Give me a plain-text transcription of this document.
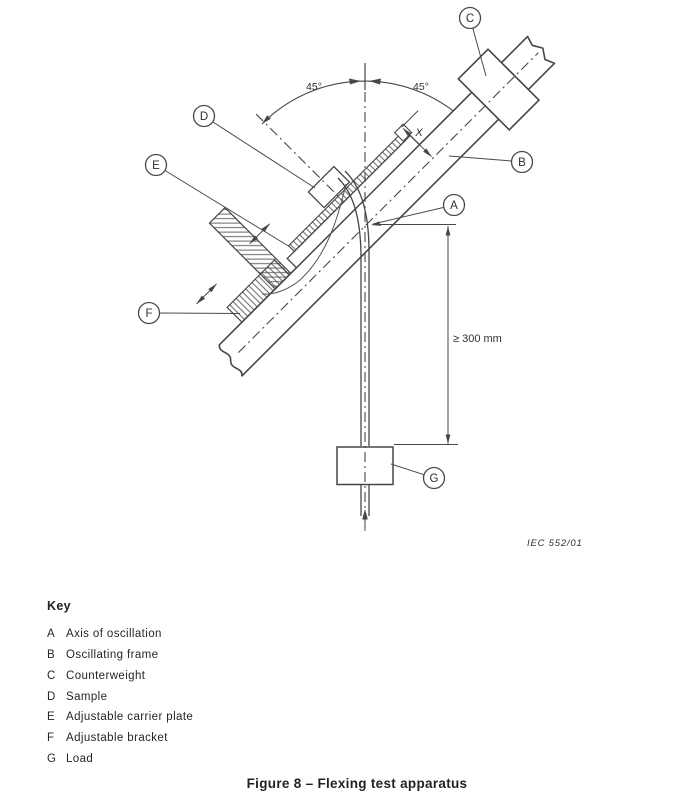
45°	45°
≥ 300 mm
X
A
B
C
D
E
F
G
IEC 552/01
Key
A Axis of oscillation
B Oscillating frame
C Counterweight
D Sample
E Adjustable carrier plate
F Adjustable bracket
G Load
Figure 8 – Flexing test apparatus
